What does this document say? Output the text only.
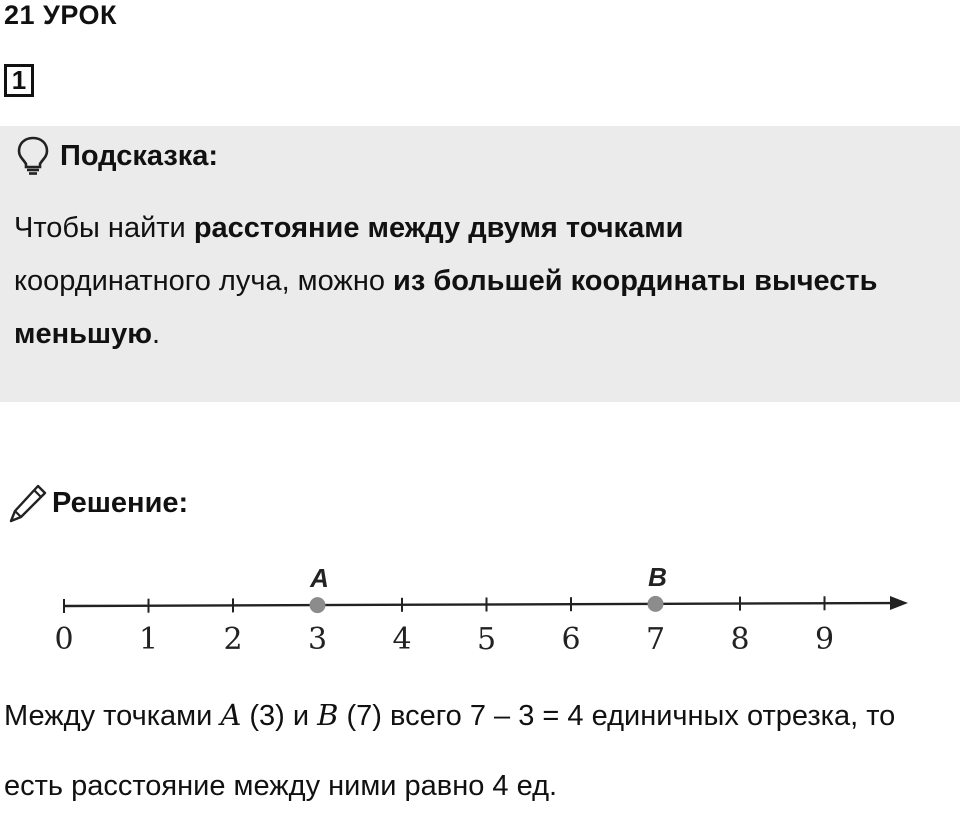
21 УРОК
1
Подсказка:

Чтобы найти расстояние между двумя точками
координатного луча, можно из большей координаты вычесть меньшую.

Решение:
0 1 2 3 4 5 6 7 8 9
A	B

Между точками A (3) и B (7) всего 7 – 3 = 4 единичных отрезка, то есть расстояние между ними равно 4 ед.
